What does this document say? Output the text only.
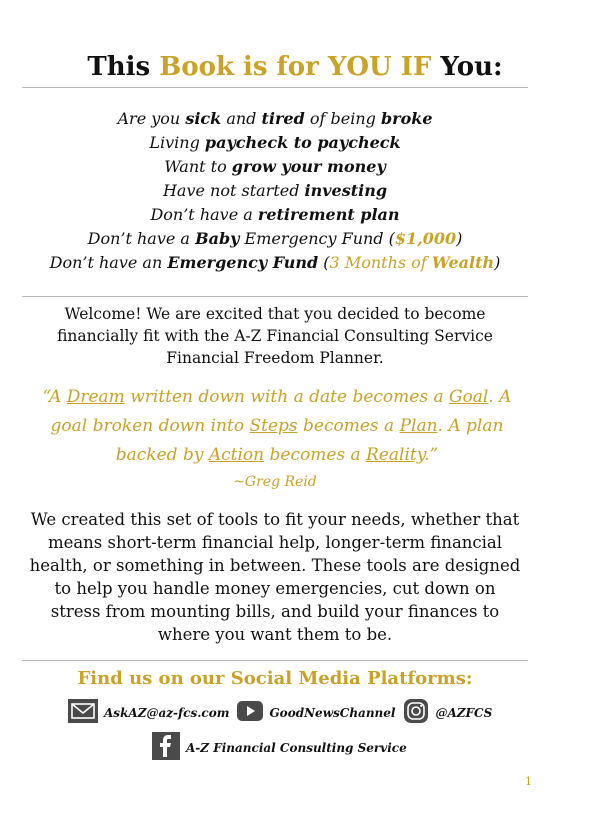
This Book is for YOU IF You:
Are you sick and tired of being broke
Living paycheck to paycheck
Want to grow your money
Have not started investing
Don’t have a retirement plan
Don’t have a Baby Emergency Fund ($1,000)
Don’t have an Emergency Fund (3 Months of Wealth)
Welcome! We are excited that you decided to become financially fit with the A-Z Financial Consulting Service Financial Freedom Planner.
“A Dream written down with a date becomes a Goal. A goal broken down into Steps becomes a Plan. A plan backed by Action becomes a Reality.”
~Greg Reid
We created this set of tools to fit your needs, whether that means short-term financial help, longer-term financial health, or something in between. These tools are designed to help you handle money emergencies, cut down on stress from mounting bills, and build your finances to where you want them to be.
Find us on our Social Media Platforms:
AskAZ@az-fcs.com	GoodNewsChannel	@AZFCS
A-Z Financial Consulting Service
1
